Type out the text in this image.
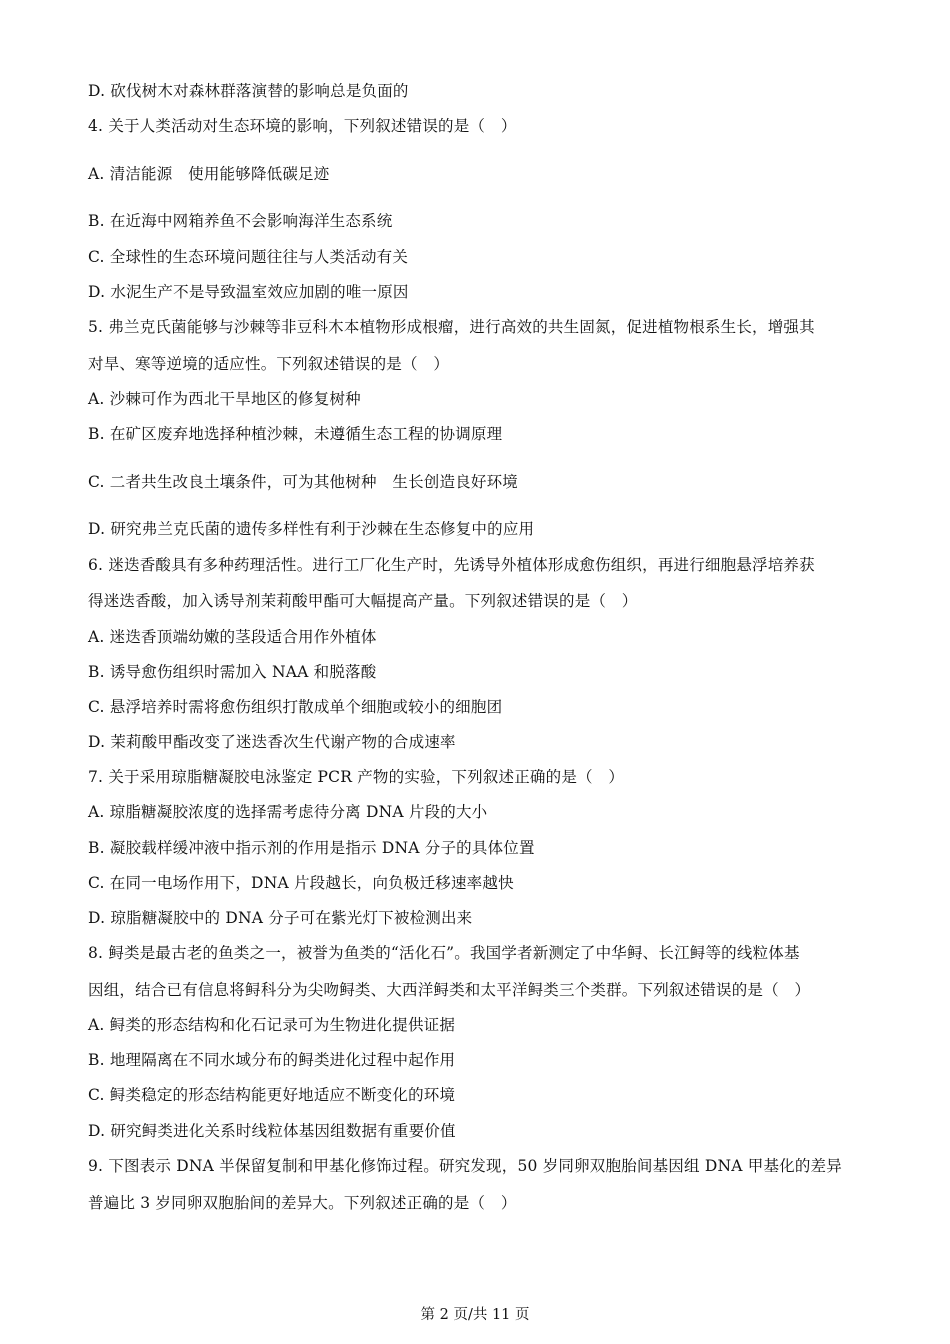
D. 砍伐树木对森林群落演替的影响总是负面的
4. 关于人类活动对生态环境的影响，下列叙述错误的是（　）
A. 清洁能源　使用能够降低碳足迹
B. 在近海中网箱养鱼不会影响海洋生态系统
C. 全球性的生态环境问题往往与人类活动有关
D. 水泥生产不是导致温室效应加剧的唯一原因
5. 弗兰克氏菌能够与沙棘等非豆科木本植物形成根瘤，进行高效的共生固氮，促进植物根系生长，增强其
对旱、寒等逆境的适应性。下列叙述错误的是（　）
A. 沙棘可作为西北干旱地区的修复树种
B. 在矿区废弃地选择种植沙棘，未遵循生态工程的协调原理
C. 二者共生改良土壤条件，可为其他树种　生长创造良好环境
D. 研究弗兰克氏菌的遗传多样性有利于沙棘在生态修复中的应用
6. 迷迭香酸具有多种药理活性。进行工厂化生产时，先诱导外植体形成愈伤组织，再进行细胞悬浮培养获
得迷迭香酸，加入诱导剂茉莉酸甲酯可大幅提高产量。下列叙述错误的是（　）
A. 迷迭香顶端幼嫩的茎段适合用作外植体
B. 诱导愈伤组织时需加入 NAA 和脱落酸
C. 悬浮培养时需将愈伤组织打散成单个细胞或较小的细胞团
D. 茉莉酸甲酯改变了迷迭香次生代谢产物的合成速率
7. 关于采用琼脂糖凝胶电泳鉴定 PCR 产物的实验，下列叙述正确的是（　）
A. 琼脂糖凝胶浓度的选择需考虑待分离 DNA 片段的大小
B. 凝胶载样缓冲液中指示剂的作用是指示 DNA 分子的具体位置
C. 在同一电场作用下，DNA 片段越长，向负极迁移速率越快
D. 琼脂糖凝胶中的 DNA 分子可在紫光灯下被检测出来
8. 鲟类是最古老的鱼类之一，被誉为鱼类的“活化石”。我国学者新测定了中华鲟、长江鲟等的线粒体基
因组，结合已有信息将鲟科分为尖吻鲟类、大西洋鲟类和太平洋鲟类三个类群。下列叙述错误的是（　）
A. 鲟类的形态结构和化石记录可为生物进化提供证据
B. 地理隔离在不同水域分布的鲟类进化过程中起作用
C. 鲟类稳定的形态结构能更好地适应不断变化的环境
D. 研究鲟类进化关系时线粒体基因组数据有重要价值
9. 下图表示 DNA 半保留复制和甲基化修饰过程。研究发现，50 岁同卵双胞胎间基因组 DNA 甲基化的差异
普遍比 3 岁同卵双胞胎间的差异大。下列叙述正确的是（　）
第 2 页/共 11 页
